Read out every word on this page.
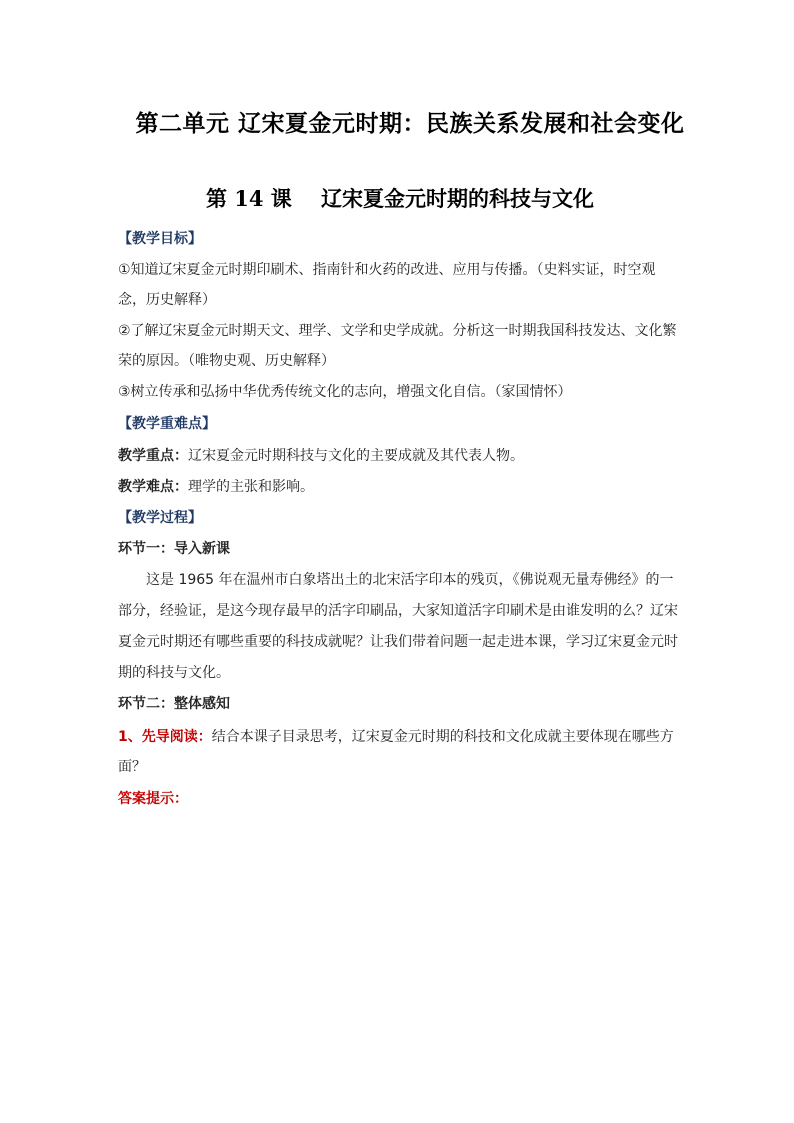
第二单元 辽宋夏金元时期：民族关系发展和社会变化
第 14 课    辽宋夏金元时期的科技与文化
【教学目标】
①知道辽宋夏金元时期印刷术、指南针和火药的改进、应用与传播。（史料实证，时空观念，历史解释）
②了解辽宋夏金元时期天文、理学、文学和史学成就。分析这一时期我国科技发达、文化繁荣的原因。（唯物史观、历史解释）
③树立传承和弘扬中华优秀传统文化的志向，增强文化自信。（家国情怀）
【教学重难点】
教学重点：辽宋夏金元时期科技与文化的主要成就及其代表人物。
教学难点：理学的主张和影响。
【教学过程】
环节一：导入新课
这是 1965 年在温州市白象塔出土的北宋活字印本的残页，《佛说观无量寿佛经》的一部分，经验证，是这今现存最早的活字印刷品，大家知道活字印刷术是由谁发明的么？辽宋夏金元时期还有哪些重要的科技成就呢？让我们带着问题一起走进本课，学习辽宋夏金元时期的科技与文化。
环节二：整体感知
1、先导阅读：结合本课子目录思考，辽宋夏金元时期的科技和文化成就主要体现在哪些方面？
答案提示：
